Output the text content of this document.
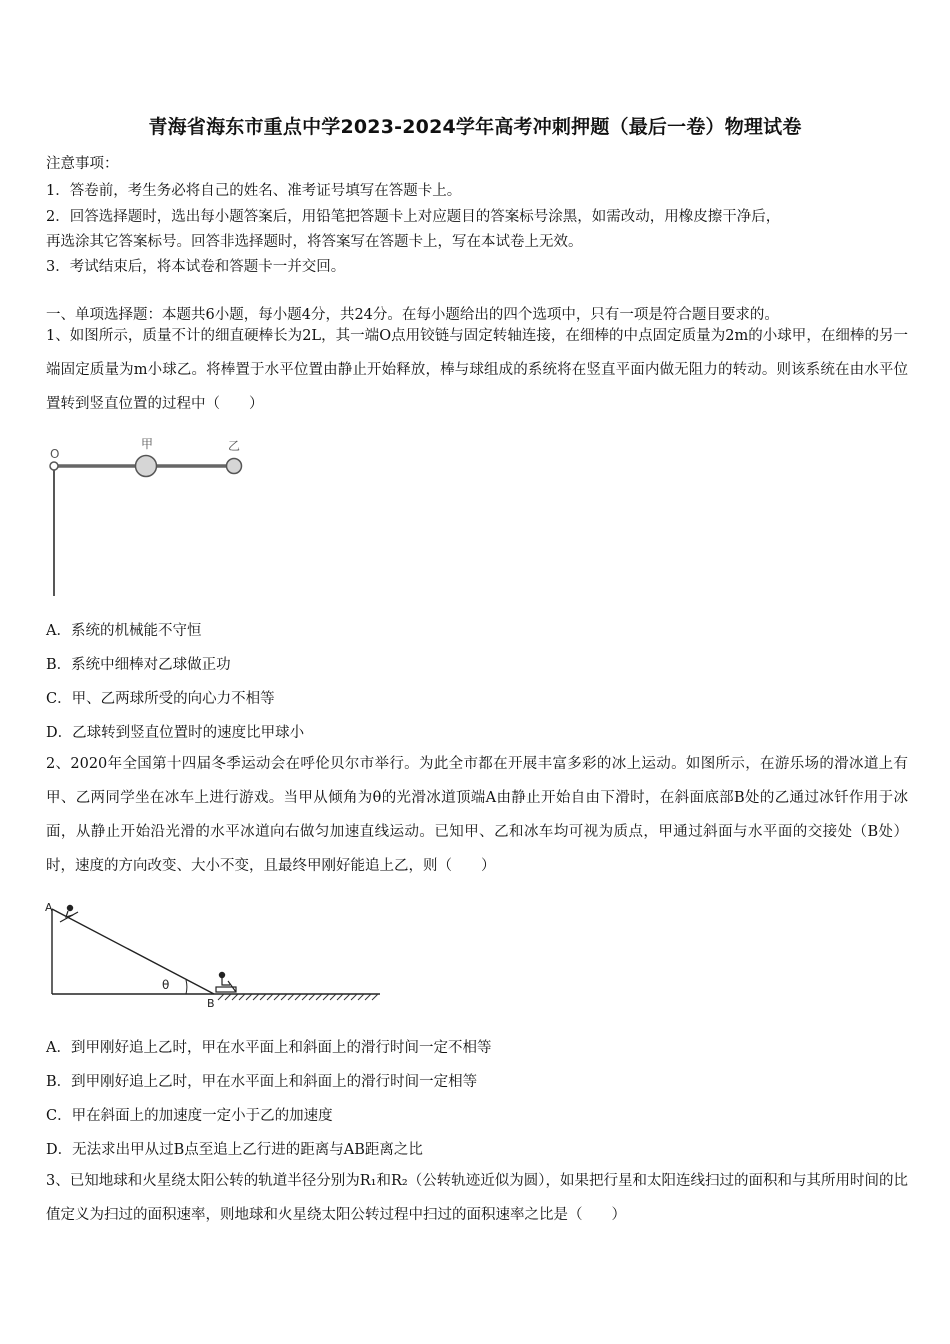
青海省海东市重点中学2023-2024学年高考冲刺押题（最后一卷）物理试卷
注意事项：
1．答卷前，考生务必将自己的姓名、准考证号填写在答题卡上。
2．回答选择题时，选出每小题答案后，用铅笔把答题卡上对应题目的答案标号涂黑，如需改动，用橡皮擦干净后，
再选涂其它答案标号。回答非选择题时，将答案写在答题卡上，写在本试卷上无效。
3．考试结束后，将本试卷和答题卡一并交回。
一、单项选择题：本题共6小题，每小题4分，共24分。在每小题给出的四个选项中，只有一项是符合题目要求的。
1、如图所示，质量不计的细直硬棒长为2L，其一端O点用铰链与固定转轴连接，在细棒的中点固定质量为2m的小球甲，在细棒的另一端固定质量为m小球乙。将棒置于水平位置由静止开始释放，棒与球组成的系统将在竖直平面内做无阻力的转动。则该系统在由水平位置转到竖直位置的过程中（　　）
O
甲	乙
A．系统的机械能不守恒
B．系统中细棒对乙球做正功
C．甲、乙两球所受的向心力不相等
D．乙球转到竖直位置时的速度比甲球小
2、2020年全国第十四届冬季运动会在呼伦贝尔市举行。为此全市都在开展丰富多彩的冰上运动。如图所示，在游乐场的滑冰道上有甲、乙两同学坐在冰车上进行游戏。当甲从倾角为θ的光滑冰道顶端A由静止开始自由下滑时，在斜面底部B处的乙通过冰钎作用于冰面，从静止开始沿光滑的水平冰道向右做匀加速直线运动。已知甲、乙和冰车均可视为质点，甲通过斜面与水平面的交接处（B处）时，速度的方向改变、大小不变，且最终甲刚好能追上乙，则（　　）
A
B
θ
A．到甲刚好追上乙时，甲在水平面上和斜面上的滑行时间一定不相等
B．到甲刚好追上乙时，甲在水平面上和斜面上的滑行时间一定相等
C．甲在斜面上的加速度一定小于乙的加速度
D．无法求出甲从过B点至追上乙行进的距离与AB距离之比
3、已知地球和火星绕太阳公转的轨道半径分别为R₁和R₂（公转轨迹近似为圆），如果把行星和太阳连线扫过的面积和与其所用时间的比值定义为扫过的面积速率，则地球和火星绕太阳公转过程中扫过的面积速率之比是（　　）
